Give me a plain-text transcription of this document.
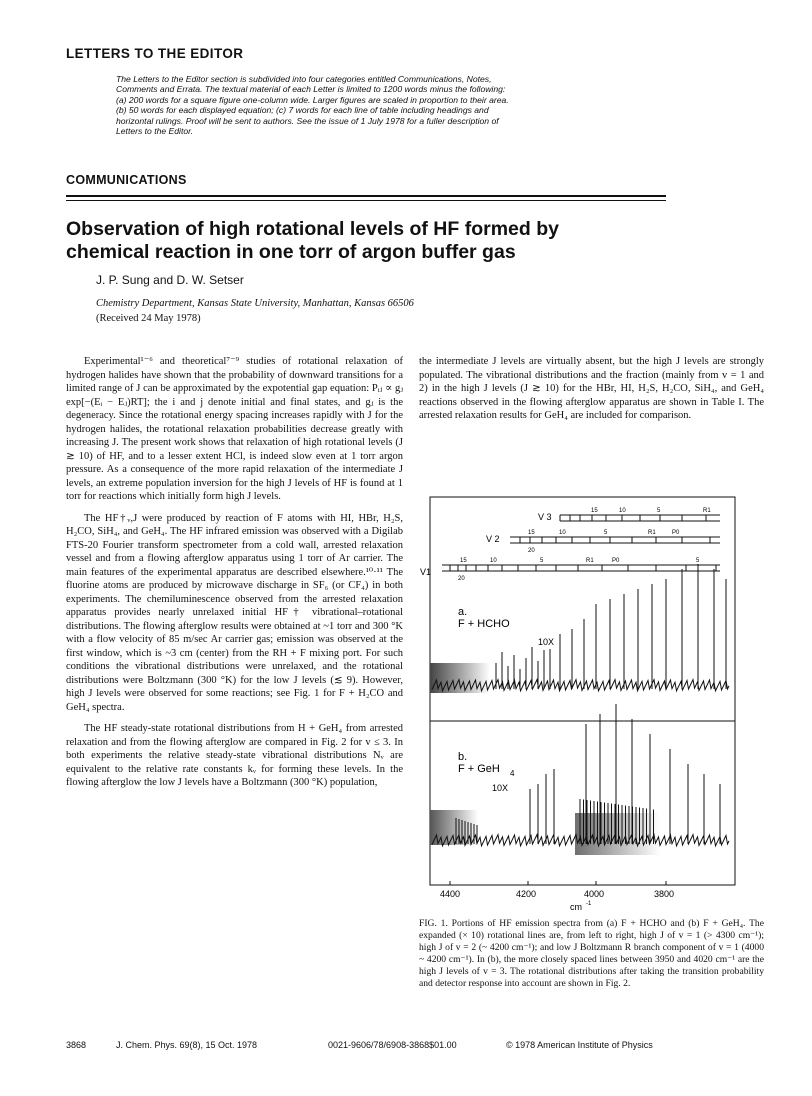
LETTERS TO THE EDITOR

The Letters to the Editor section is subdivided into four categories entitled Communications, Notes, Comments and Errata. The textual material of each Letter is limited to 1200 words minus the following: (a) 200 words for a square figure one-column wide. Larger figures are scaled in proportion to their area. (b) 50 words for each displayed equation; (c) 7 words for each line of table including headings and horizontal rulings. Proof will be sent to authors. See the issue of 1 July 1978 for a fuller description of Letters to the Editor.

COMMUNICATIONS
Observation of high rotational levels of HF formed by chemical reaction in one torr of argon buffer gas
J. P. Sung and D. W. Setser
Chemistry Department, Kansas State University, Manhattan, Kansas 66506
(Received 24 May 1978)

Experimental¹⁻⁶ and theoretical⁷⁻⁹ studies of rotational relaxation of hydrogen halides have shown that the probability of downward transitions for a limited range of J can be approximated by the expotential gap equation: Pᵢⱼ ∝ gⱼ exp[−(Eᵢ − Eⱼ)RT]; the i and j denote initial and final states, and gⱼ is the degeneracy. Since the rotational energy spacing increases rapidly with J for the hydrogen halides, the rotational relaxation probabilities decrease greatly with increasing J. The present work shows that relaxation of high rotational levels (J ≳ 10) of HF, and to a lesser extent HCl, is indeed slow even at 1 torr argon pressure. As a consequence of the more rapid relaxation of the intermediate J levels, an extreme population inversion for the high J levels of HF is found at 1 torr for reactions which initially form high J levels.

The HF†ᵥ,J were produced by reaction of F atoms with HI, HBr, H₂S, H₂CO, SiH₄, and GeH₄. The HF infrared emission was observed with a Digilab FTS-20 Fourier transform spectrometer from a cold wall, arrested relaxation vessel and from a flowing afterglow apparatus using 1 torr of Ar carrier. The main features of the experimental apparatus are described elsewhere.¹⁰·¹¹ The fluorine atoms are produced by microwave discharge in SF₆ (or CF₄) in both experiments. The chemiluminescence observed from the arrested relaxation apparatus provides nearly unrelaxed initial HF† vibrational–rotational distributions. The flowing afterglow results were obtained at ~1 torr and 300 °K with a flow velocity of 85 m/sec Ar carrier gas; emission was observed at the first window, which is ~3 cm (center) from the RH + F mixing port. For such conditions the vibrational distributions were unrelaxed, and the rotational distributions were Boltzmann (300 °K) for the low J levels (≲ 9). However, high J levels were observed for some reactions; see Fig. 1 for F + H₂CO and GeH₄ spectra.

The HF steady-state rotational distributions from H + GeH₄ from arrested relaxation and from the flowing afterglow are compared in Fig. 2 for v ≤ 3. In both experiments the relative steady-state vibrational distributions Nᵥ are equivalent to the relative rate constants kᵥ for forming these levels. In the flowing afterglow the low J levels have a Boltzmann (300 °K) population,

the intermediate J levels are virtually absent, but the high J levels are strongly populated. The vibrational distributions and the fraction (mainly from v = 1 and 2) in the high J levels (J ≳ 10) for the HBr, HI, H₂S, H₂CO, SiH₄, and GeH₄ reactions observed in the flowing afterglow apparatus are shown in Table I. The arrested relaxation results for GeH₄ are included for comparison.

V 3
15	10	5	R1
V 2
15	10	5	R1	P0
20
V1
15	10	5	R1	P0	5
20
a.
F + HCHO
10X
b.
F + GeH 4
10X
4400	4200	4000	3800
cm -1

FIG. 1. Portions of HF emission spectra from (a) F + HCHO and (b) F + GeH₄. The expanded (× 10) rotational lines are, from left to right, high J of v = 1 (> 4300 cm⁻¹); high J of v = 2 (~ 4200 cm⁻¹); and low J Boltzmann R branch component of v = 1 (4000 ~ 4200 cm⁻¹). In (b), the more closely spaced lines between 3950 and 4020 cm⁻¹ are the high J levels of v = 3. The rotational distributions after taking the transition probability and detector response into account are shown in Fig. 2.

3868	J. Chem. Phys. 69(8), 15 Oct. 1978	0021-9606/78/6908-3868$01.00	© 1978 American Institute of Physics
